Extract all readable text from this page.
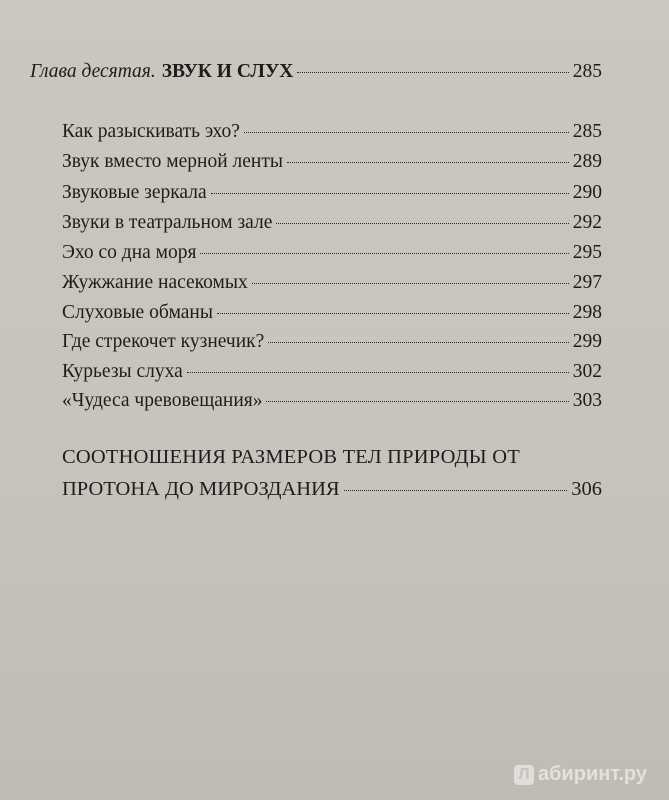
Глава десятая. ЗВУК И СЛУХ	285
Как разыскивать эхо?	285
Звук вместо мерной ленты	289
Звуковые зеркала	290
Звуки в театральном зале	292
Эхо со дна моря	295
Жужжание насекомых	297
Слуховые обманы	298
Где стрекочет кузнечик?	299
Курьезы слуха	302
«Чудеса чревовещания»	303
СООТНОШЕНИЯ РАЗМЕРОВ ТЕЛ ПРИРОДЫ ОТ
ПРОТОНА ДО МИРОЗДАНИЯ	306
Л абиринт.ру
